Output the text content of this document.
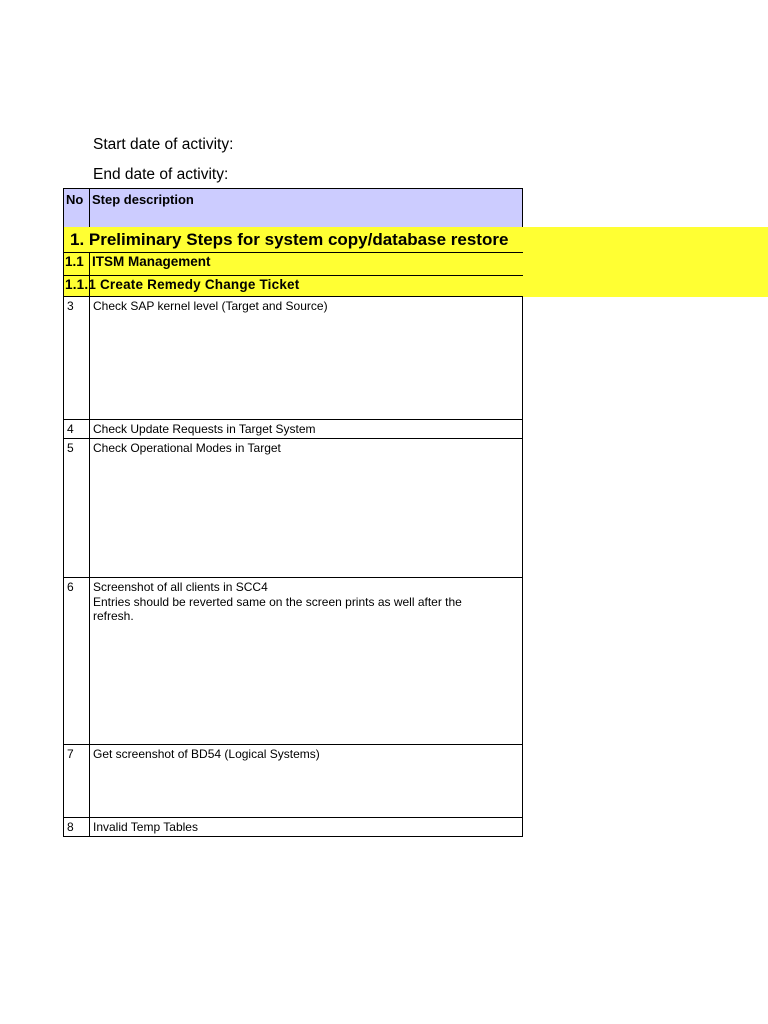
Start date of activity:
End date of activity:
No Step description
1. Preliminary Steps for system copy/database restore
1.1 ITSM Management
1.1.1 Create Remedy Change Ticket
3 Check SAP kernel level (Target and Source)
4 Check Update Requests in Target System
5 Check Operational Modes in Target
6 Screenshot of all clients in SCC4
Entries should be reverted same on the screen prints as well after the
refresh.
7 Get screenshot of BD54 (Logical Systems)
8 Invalid Temp Tables
